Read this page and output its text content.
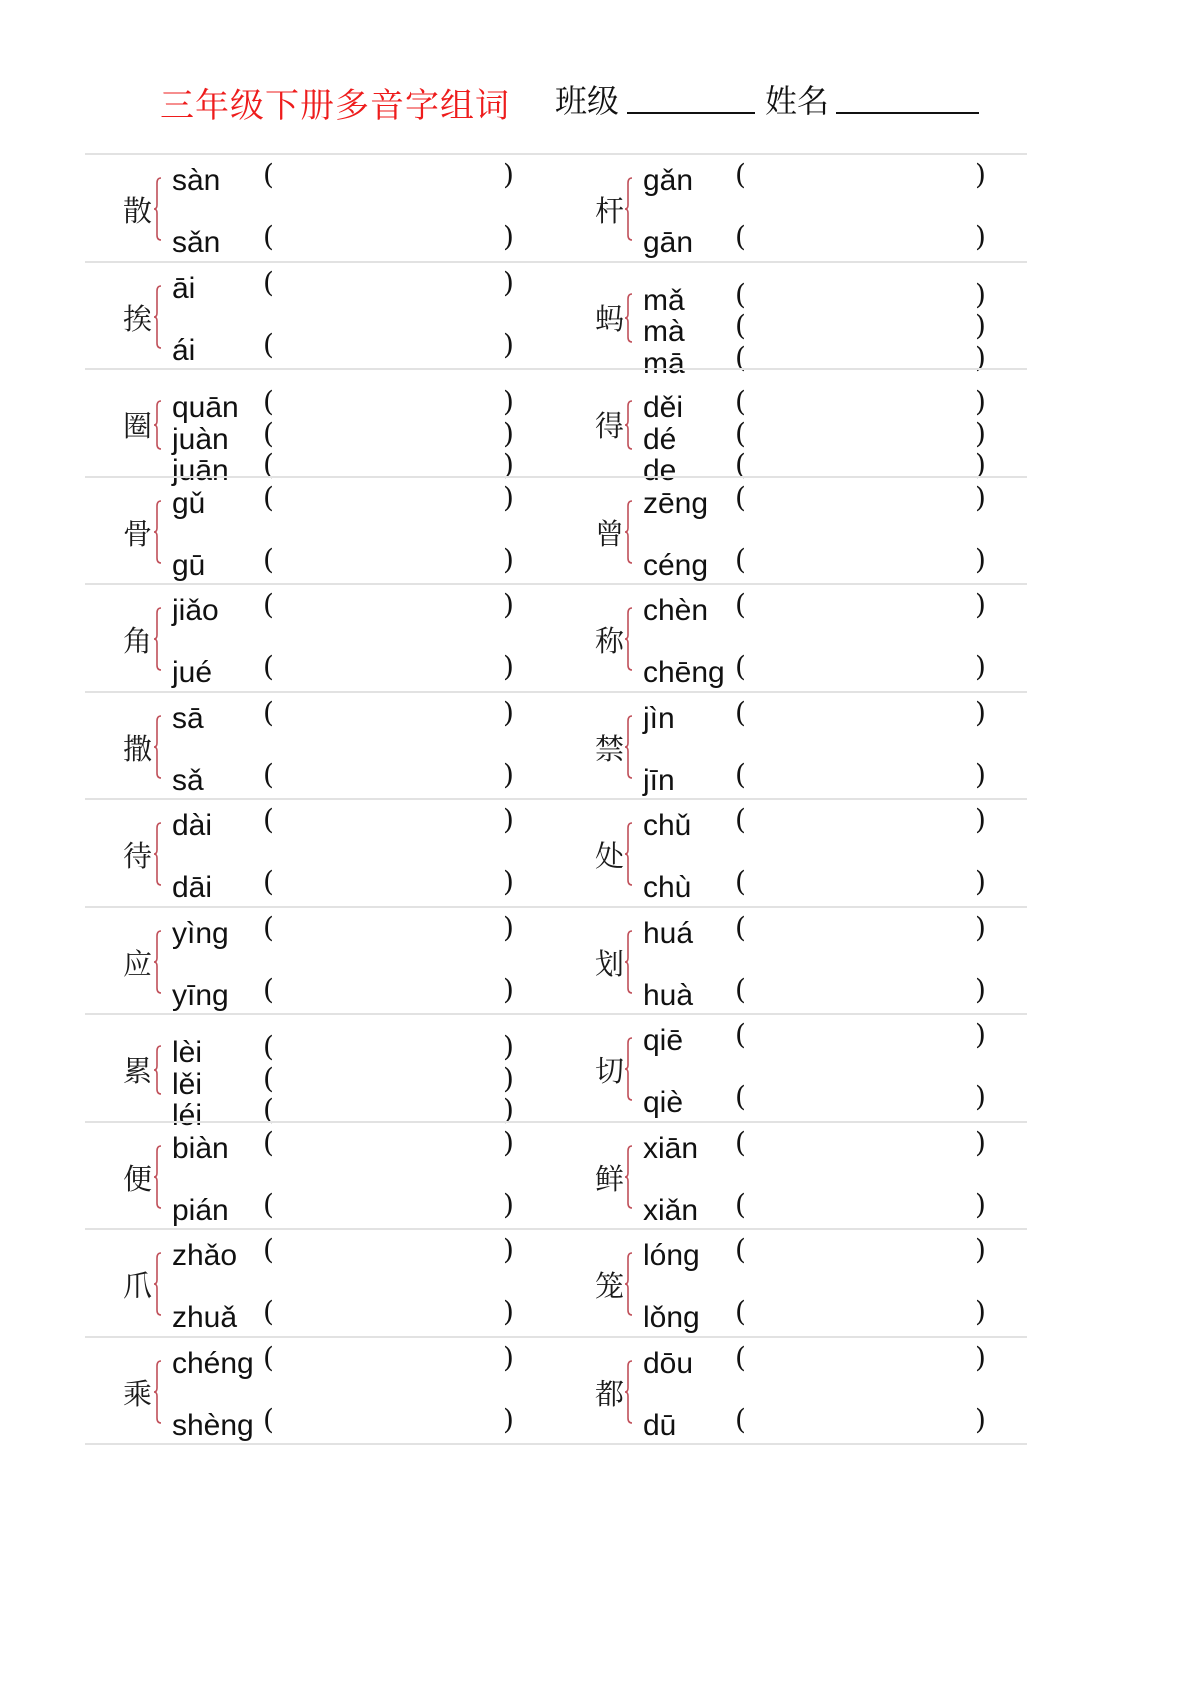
三年级下册多音字组词 班级	姓名
散
sàn (	)
sǎn (	)
杆
gǎn (	)
gān (	)
挨
āi (	)
ái (	)
蚂
mǎ (	)
mà (	)
mā (	)
圈
quān (	)
juàn (	)
juān (	)
得
děi (	)
dé (	)
de (	)
骨
gǔ (	)
gū (	)
曾
zēng (	)
céng (	)
角
jiǎo (	)
jué (	)
称
chèn (	)
chēng (	)
撒
sā (	)
sǎ (	)
禁
jìn (	)
jīn (	)
待
dài (	)
dāi (	)
处
chǔ (	)
chù (	)
应
yìng (	)
yīng (	)
划
huá (	)
huà (	)
累
lèi (	)
lěi (	)
léi (	)
切
qiē (	)
qiè (	)
便
biàn (	)
pián (	)
鲜
xiān (	)
xiǎn (	)
爪
zhǎo (	)
zhuǎ (	)
笼
lóng (	)
lǒng (	)
乘
chéng (	)
shèng (	)
都
dōu (	)
dū (	)
